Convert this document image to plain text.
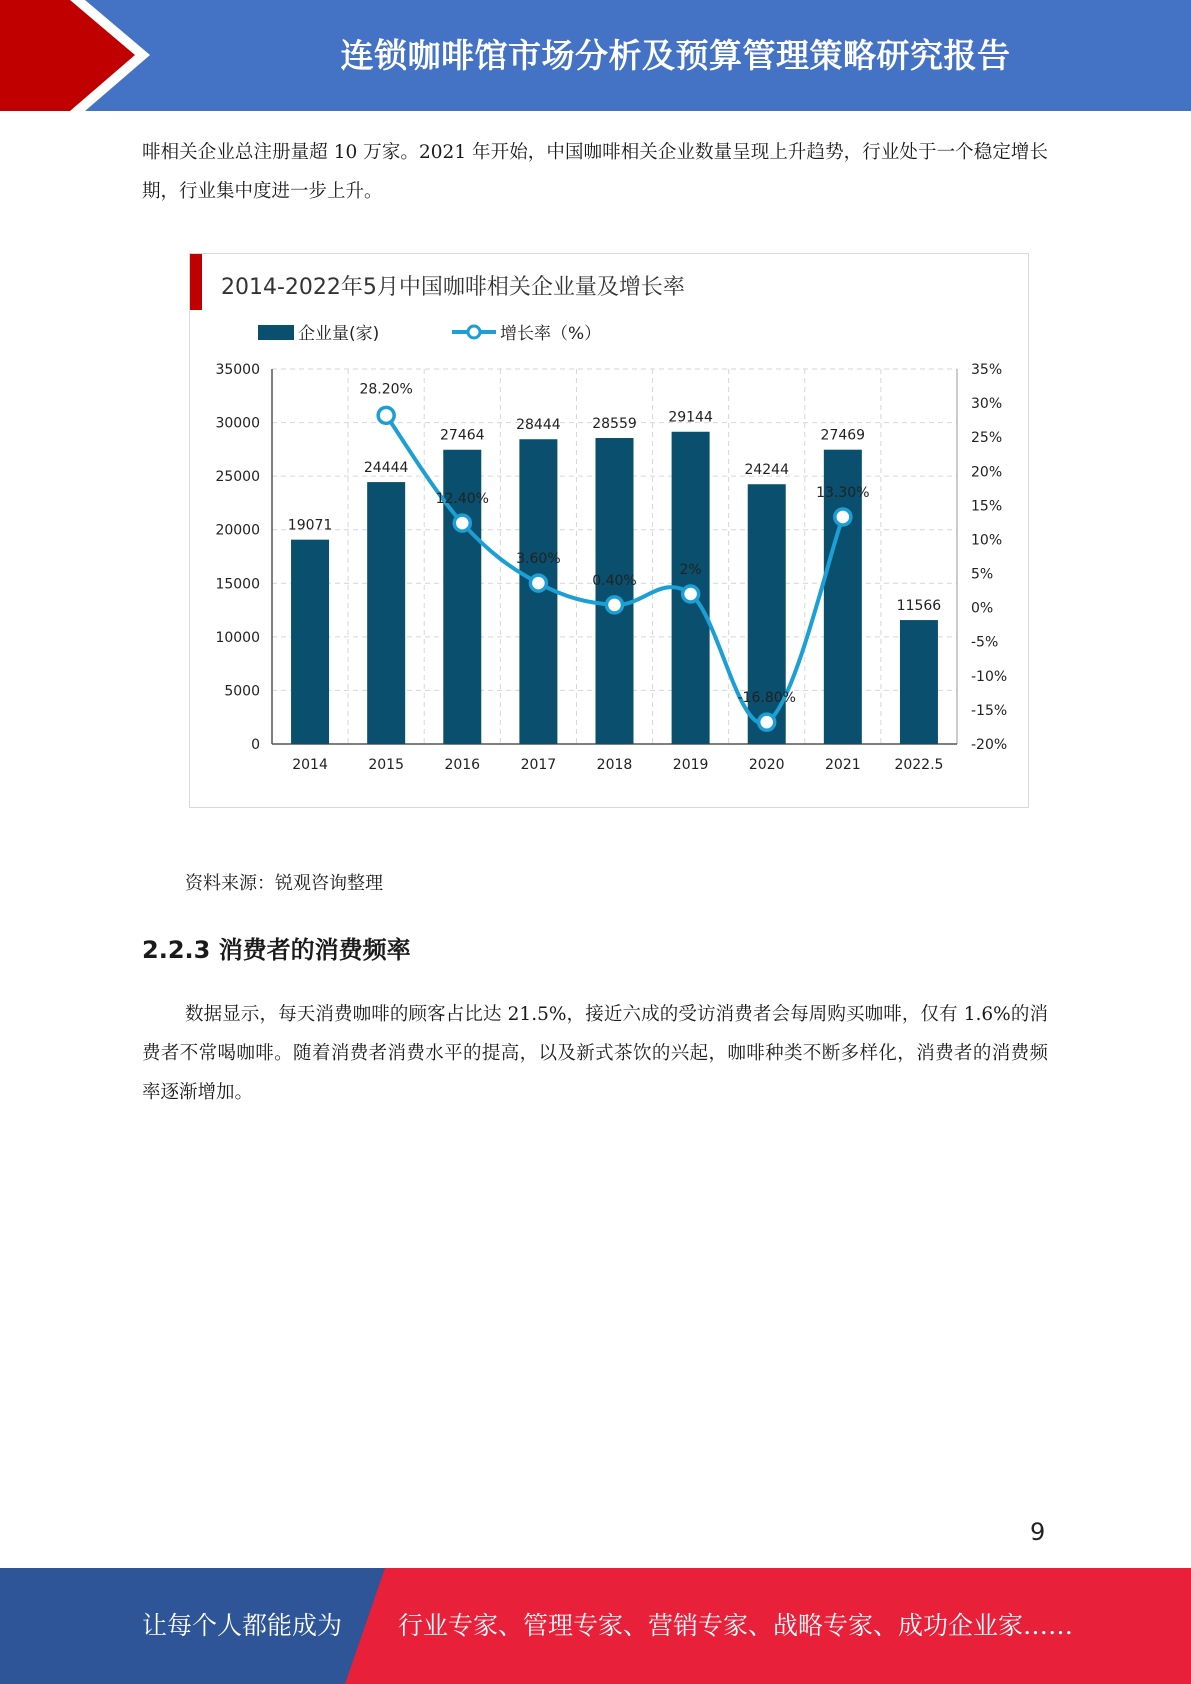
连锁咖啡馆市场分析及预算管理策略研究报告

啡相关企业总注册量超 10 万家。2021 年开始，中国咖啡相关企业数量呈现上升趋势，行业处于一个稳定增长期，行业集中度进一步上升。

2014-2022年5月中国咖啡相关企业量及增长率
企业量(家)	增长率（%）
0
5000
10000
15000
20000
25000
30000
35000
-20%
-15%
-10%
-5%
0%
5%
10%
15%
20%
25%
30%
35%
19071
2014
24444
2015
27464
2016
28444
2017
28559
2018
29144
2019
24244
2020
27469
2021
11566
2022.5
28.20%
12.40%
3.60%
0.40%
2%
-16.80%
13.30%
资料来源：锐观咨询整理
2.2.3 消费者的消费频率

数据显示，每天消费咖啡的顾客占比达 21.5%，接近六成的受访消费者会每周购买咖啡，仅有 1.6%的消费者不常喝咖啡。随着消费者消费水平的提高，以及新式茶饮的兴起，咖啡种类不断多样化，消费者的消费频率逐渐增加。

9
让每个人都能成为 行业专家、管理专家、营销专家、战略专家、成功企业家……
